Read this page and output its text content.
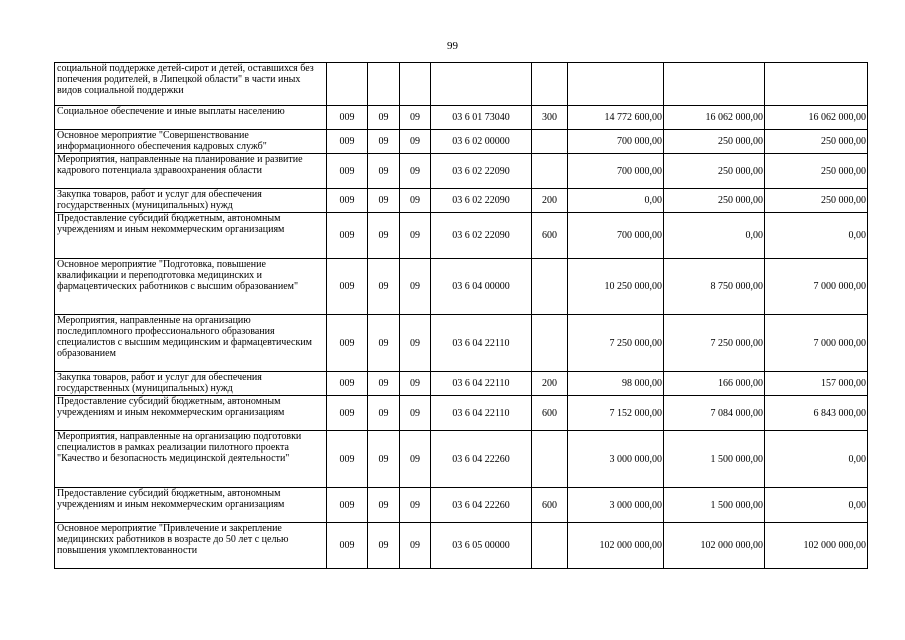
99
социальной поддержке детей-сирот и детей, оставшихся без попечения родителей, в Липецкой области" в части иных видов социальной поддержки								
Социальное обеспечение и иные выплаты населению	009	09	09	03 6 01 73040	300	14 772 600,00	16 062 000,00	16 062 000,00
Основное мероприятие "Совершенствование информационного обеспечения кадровых служб"	009	09	09	03 6 02 00000		700 000,00	250 000,00	250 000,00
Мероприятия, направленные на планирование и развитие кадрового потенциала здравоохранения области	009	09	09	03 6 02 22090		700 000,00	250 000,00	250 000,00
Закупка товаров, работ и услуг для обеспечения государственных (муниципальных) нужд	009	09	09	03 6 02 22090	200	0,00	250 000,00	250 000,00
Предоставление субсидий бюджетным, автономным учреждениям и иным некоммерческим организациям	009	09	09	03 6 02 22090	600	700 000,00	0,00	0,00
Основное мероприятие "Подготовка, повышение квалификации и переподготовка медицинских и фармацевтических работников с высшим образованием"	009	09	09	03 6 04 00000		10 250 000,00	8 750 000,00	7 000 000,00
Мероприятия, направленные на организацию последипломного профессионального образования специалистов с высшим медицинским и фармацевтическим образованием	009	09	09	03 6 04 22110		7 250 000,00	7 250 000,00	7 000 000,00
Закупка товаров, работ и услуг для обеспечения государственных (муниципальных) нужд	009	09	09	03 6 04 22110	200	98 000,00	166 000,00	157 000,00
Предоставление субсидий бюджетным, автономным учреждениям и иным некоммерческим организациям	009	09	09	03 6 04 22110	600	7 152 000,00	7 084 000,00	6 843 000,00
Мероприятия, направленные на организацию подготовки специалистов в рамках реализации пилотного проекта "Качество и безопасность медицинской деятельности"	009	09	09	03 6 04 22260		3 000 000,00	1 500 000,00	0,00
Предоставление субсидий бюджетным, автономным учреждениям и иным некоммерческим организациям	009	09	09	03 6 04 22260	600	3 000 000,00	1 500 000,00	0,00
Основное мероприятие "Привлечение и закрепление медицинских работников в возрасте до 50 лет с целью повышения укомплектованности	009	09	09	03 6 05 00000		102 000 000,00	102 000 000,00	102 000 000,00
